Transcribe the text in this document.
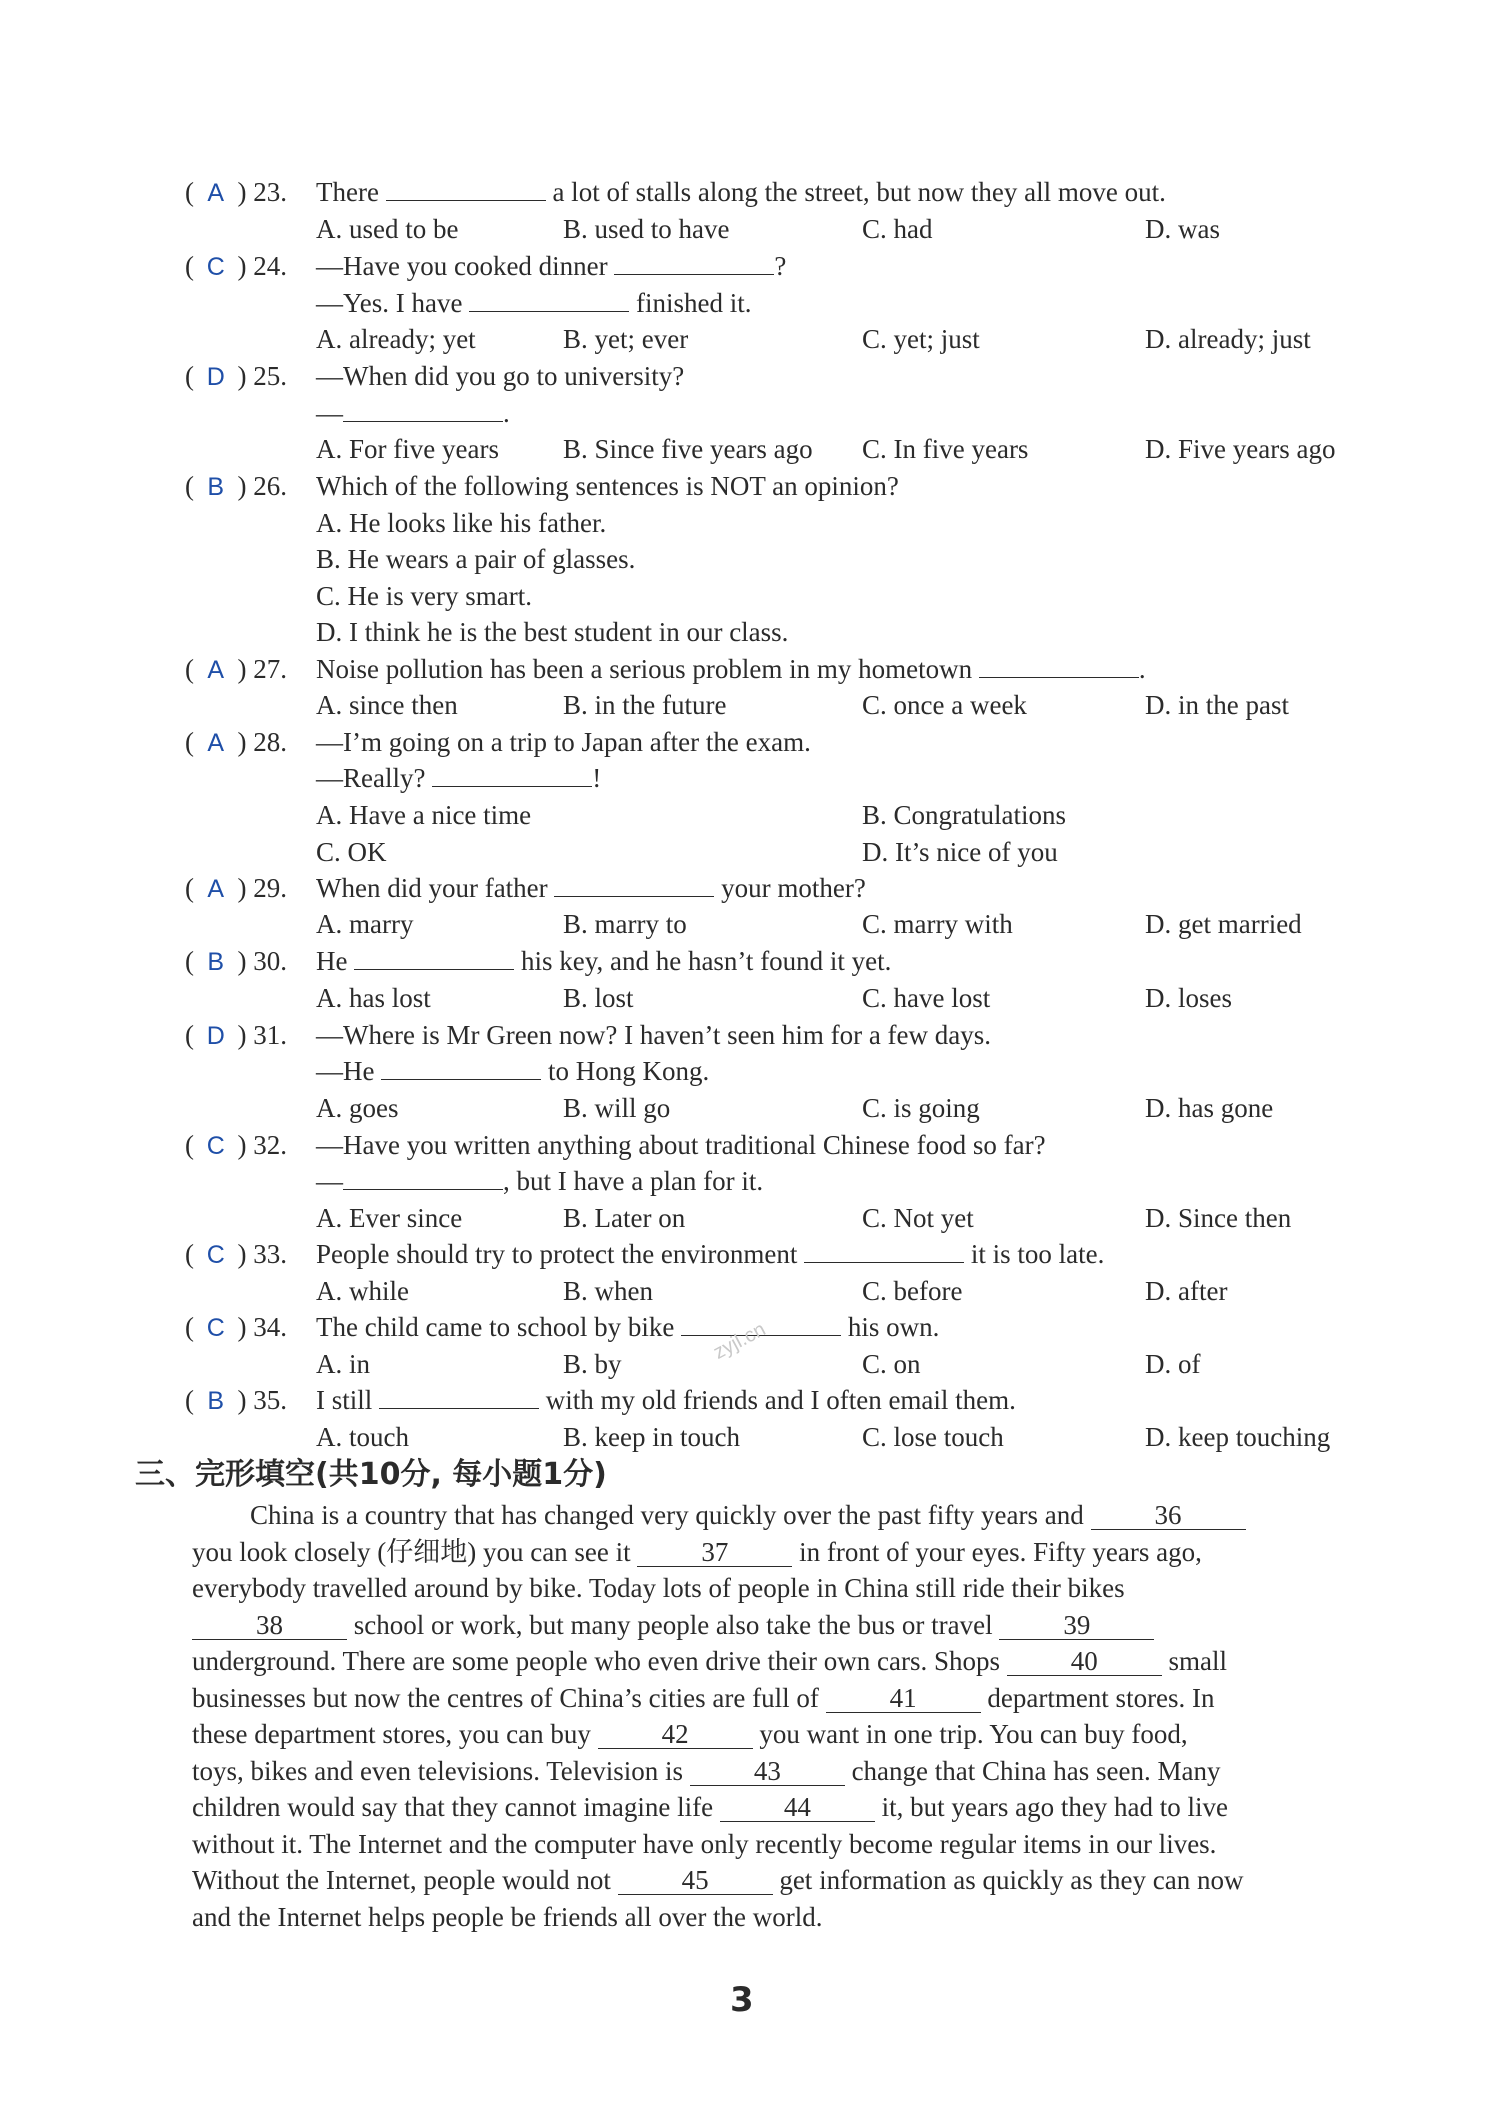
( A ) 23. There	a lot of stalls along the street, but now they all move out.
A. used to be	B. used to have	C. had	D. was
( C ) 24. —Have you cooked dinner	?
—Yes. I have	finished it.
A. already; yet	B. yet; ever	C. yet; just	D. already; just
( D ) 25. —When did you go to university?
—	.
A. For five years B. Since five years ago C. In five years	D. Five years ago
( B ) 26. Which of the following sentences is NOT an opinion?
A. He looks like his father.
B. He wears a pair of glasses.
C. He is very smart.
D. I think he is the best student in our class.
( A ) 27. Noise pollution has been a serious problem in my hometown	.
A. since then	B. in the future	C. once a week	D. in the past
( A ) 28. —I’m going on a trip to Japan after the exam.
—Really?	!
A. Have a nice time	B. Congratulations
C. OK	D. It’s nice of you
( A ) 29. When did your father	your mother?
A. marry	B. marry to	C. marry with	D. get married
( B ) 30. He	his key, and he hasn’t found it yet.
A. has lost	B. lost	C. have lost	D. loses
( D ) 31. —Where is Mr Green now? I haven’t seen him for a few days.
—He	to Hong Kong.
A. goes	B. will go	C. is going	D. has gone
( C ) 32. —Have you written anything about traditional Chinese food so far?
—	, but I have a plan for it.
A. Ever since	B. Later on	C. Not yet	D. Since then
( C ) 33. People should try to protect the environment	it is too late.
A. while	B. when	C. before	D. after
( C ) 34. The child came to school by bike	his own.
A. in	B. by	C. on	D. of
( B ) 35. I still	with my old friends and I often email them.
A. touch	B. keep in touch	C. lose touch	D. keep touching
三、完形填空(共10分, 每小题1分)
China is a country that has changed very quickly over the past fifty years and 36
you look closely (仔细地) you can see it 37 in front of your eyes. Fifty years ago,
everybody travelled around by bike. Today lots of people in China still ride their bikes
38 school or work, but many people also take the bus or travel 39
underground. There are some people who even drive their own cars. Shops 40 small
businesses but now the centres of China’s cities are full of 41 department stores. In
these department stores, you can buy 42 you want in one trip. You can buy food,
toys, bikes and even televisions. Television is 43 change that China has seen. Many
children would say that they cannot imagine life 44 it, but years ago they had to live
without it. The Internet and the computer have only recently become regular items in our lives.
Without the Internet, people would not 45 get information as quickly as they can now
and the Internet helps people be friends all over the world.
3
zyjl.cn
